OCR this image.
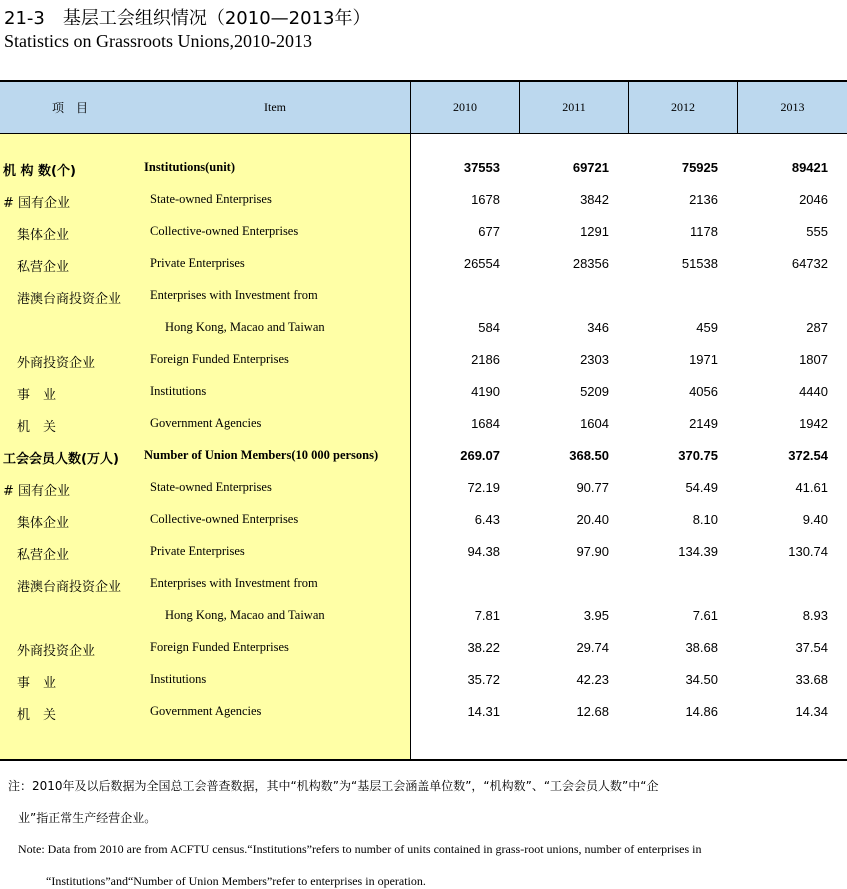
21-3　基层工会组织情况（2010—2013年）
Statistics on Grassroots Unions,2010-2013
项　目	Item	2010	2011	2012	2013
机 构 数(个)	Institutions(unit)	37553	69721	75925	89421
# 国有企业	State-owned Enterprises	1678	3842	2136	2046
集体企业	Collective-owned Enterprises	677	1291	1178	555
私营企业	Private Enterprises	26554	28356	51538	64732
港澳台商投资企业 Enterprises with Investment from
Hong Kong, Macao and Taiwan	584	346	459	287
外商投资企业	Foreign Funded Enterprises	2186	2303	1971	1807
事　业	Institutions	4190	5209	4056	4440
机　关	Government Agencies	1684	1604	2149	1942
工会会员人数(万人) Number of Union Members(10 000 persons)	269.07	368.50	370.75	372.54
# 国有企业	State-owned Enterprises	72.19	90.77	54.49	41.61
集体企业	Collective-owned Enterprises	6.43	20.40	8.10	9.40
私营企业	Private Enterprises	94.38	97.90	134.39	130.74
港澳台商投资企业 Enterprises with Investment from
Hong Kong, Macao and Taiwan	7.81	3.95	7.61	8.93
外商投资企业	Foreign Funded Enterprises	38.22	29.74	38.68	37.54
事　业	Institutions	35.72	42.23	34.50	33.68
机　关	Government Agencies	14.31	12.68	14.86	14.34
注：2010年及以后数据为全国总工会普查数据，其中“机构数”为“基层工会涵盖单位数”，“机构数”、“工会会员人数”中“企
业”指正常生产经营企业。
Note: Data from 2010 are from ACFTU census.“Institutions”refers to number of units contained in grass-root unions, number of enterprises in
“Institutions”and“Number of Union Members”refer to enterprises in operation.
